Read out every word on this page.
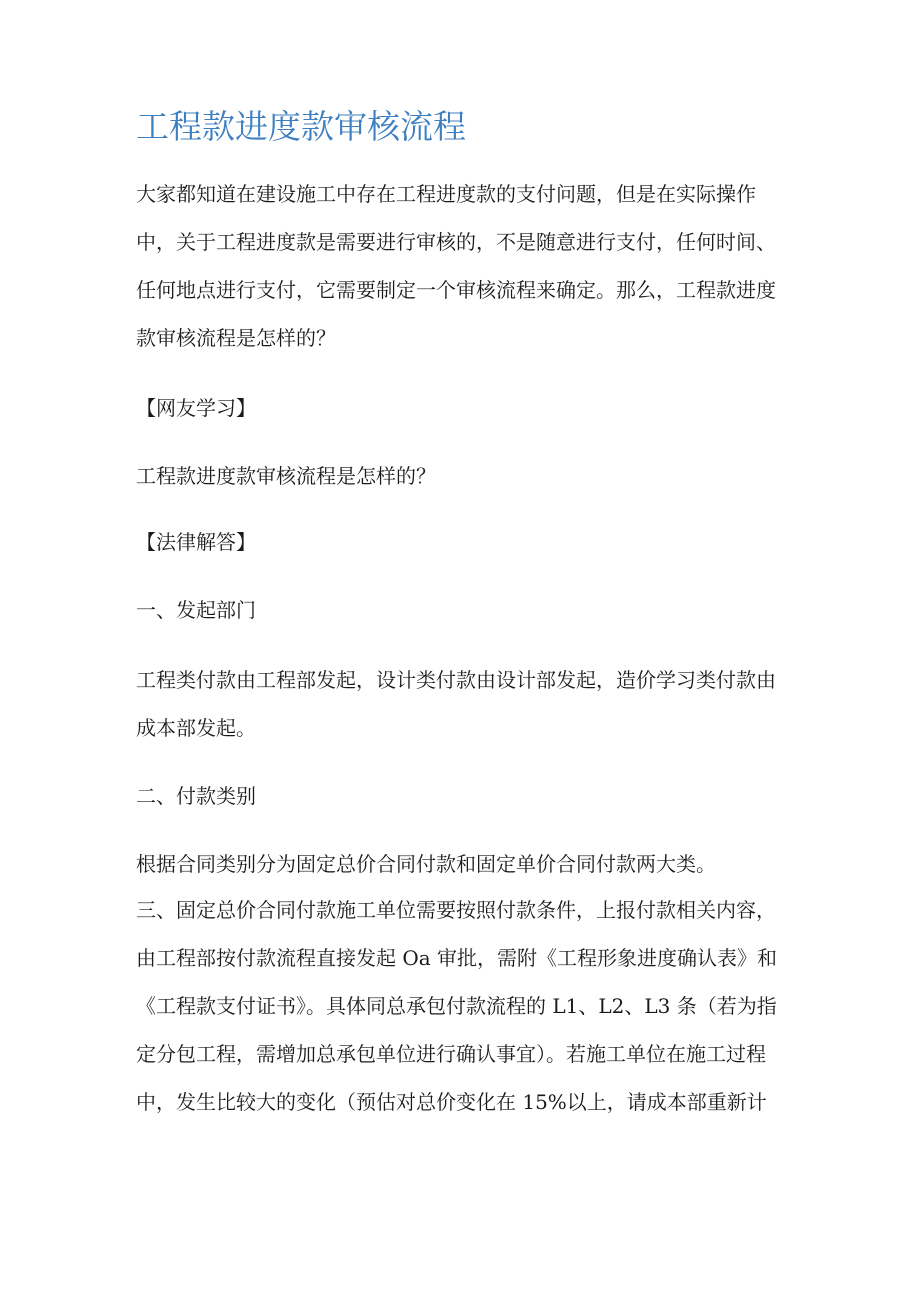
工程款进度款审核流程
大家都知道在建设施工中存在工程进度款的支付问题，但是在实际操作
中，关于工程进度款是需要进行审核的，不是随意进行支付，任何时间、
任何地点进行支付，它需要制定一个审核流程来确定。那么，工程款进度
款审核流程是怎样的？
【网友学习】
工程款进度款审核流程是怎样的？
【法律解答】
一、发起部门
工程类付款由工程部发起，设计类付款由设计部发起，造价学习类付款由
成本部发起。
二、付款类别
根据合同类别分为固定总价合同付款和固定单价合同付款两大类。
三、固定总价合同付款施工单位需要按照付款条件，上报付款相关内容，
由工程部按付款流程直接发起 Oa 审批，需附《工程形象进度确认表》和
《工程款支付证书》。具体同总承包付款流程的 L1、L2、L3 条（若为指
定分包工程，需增加总承包单位进行确认事宜）。若施工单位在施工过程
中，发生比较大的变化（预估对总价变化在 15%以上，请成本部重新计
